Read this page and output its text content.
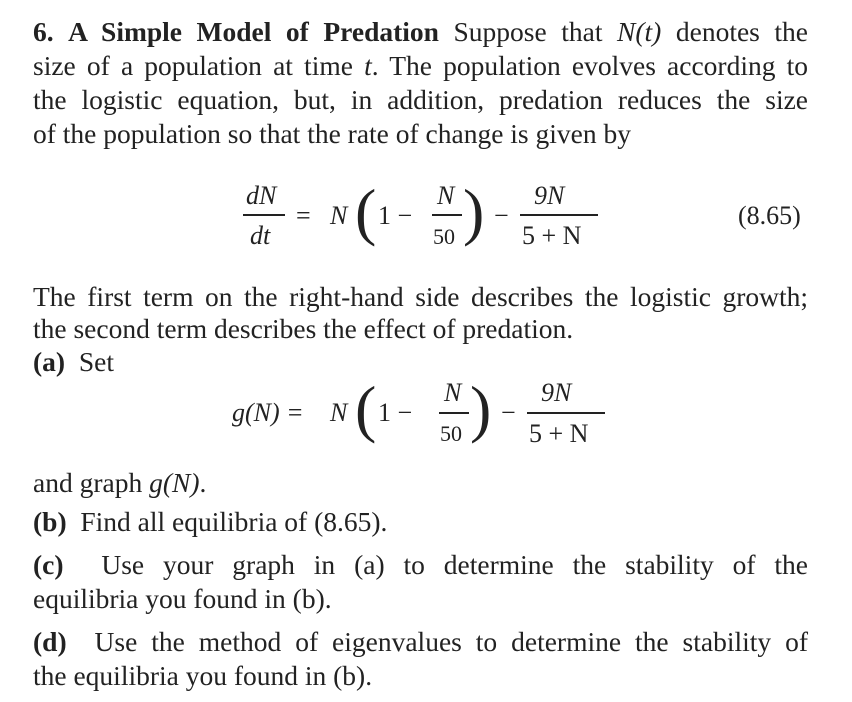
6. A Simple Model of Predation Suppose that N(t) denotes the
size of a population at time t. The population evolves according to
the logistic equation, but, in addition, predation reduces the size
of the population so that the rate of change is given by
dN
dt
= N ( 1 −
N
50 ) −
9N
5 + N
(8.65)
The first term on the right-hand side describes the logistic growth;
the second term describes the effect of predation.
(a) Set
g(N) = N ( 1 −
N
50 ) −
9N
5 + N
and graph g(N).
(b) Find all equilibria of (8.65).
(c) Use your graph in (a) to determine the stability of the
equilibria you found in (b).
(d) Use the method of eigenvalues to determine the stability of
the equilibria you found in (b).
